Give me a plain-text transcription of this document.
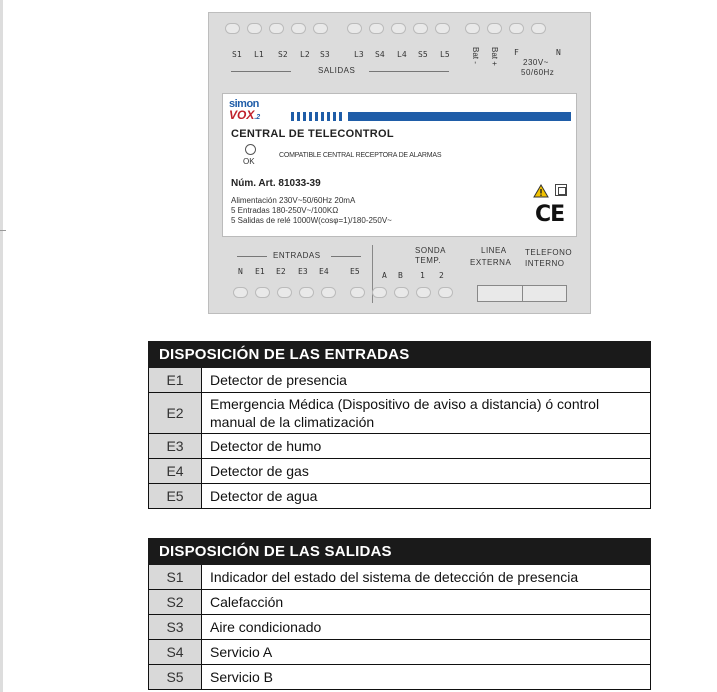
S1 L1 S2 L2 S3	L3 S4 L4 S5 L5	Bat - Bat + F	N
230V~
50/60Hz
SALIDAS
simon
VOX.2
CENTRAL DE TELECONTROL
OK
COMPATIBLE CENTRAL RECEPTORA DE ALARMAS
Núm. Art. 81033-39
Alimentación 230V~50/60Hz 20mA
5 Entradas 180-250V~/100KΩ
5 Salidas de relé 1000W(cosφ=1)/180-250V~	CE
ENTRADAS
N E1 E2 E3 E4	E5	A B
SONDA
TEMP.
1 2
LINEA
EXTERNA
TELEFONO
INTERNO
DISPOSICIÓN DE LAS ENTRADAS	
E1	Detector de presencia
E2	Emergencia Médica (Dispositivo de aviso a distancia) ó control manual de la climatización
E3	Detector de humo
E4	Detector de gas
E5	Detector de agua
DISPOSICIÓN DE LAS SALIDAS	
S1	Indicador del estado del sistema de detección de presencia
S2	Calefacción
S3	Aire condicionado
S4	Servicio A
S5	Servicio B
